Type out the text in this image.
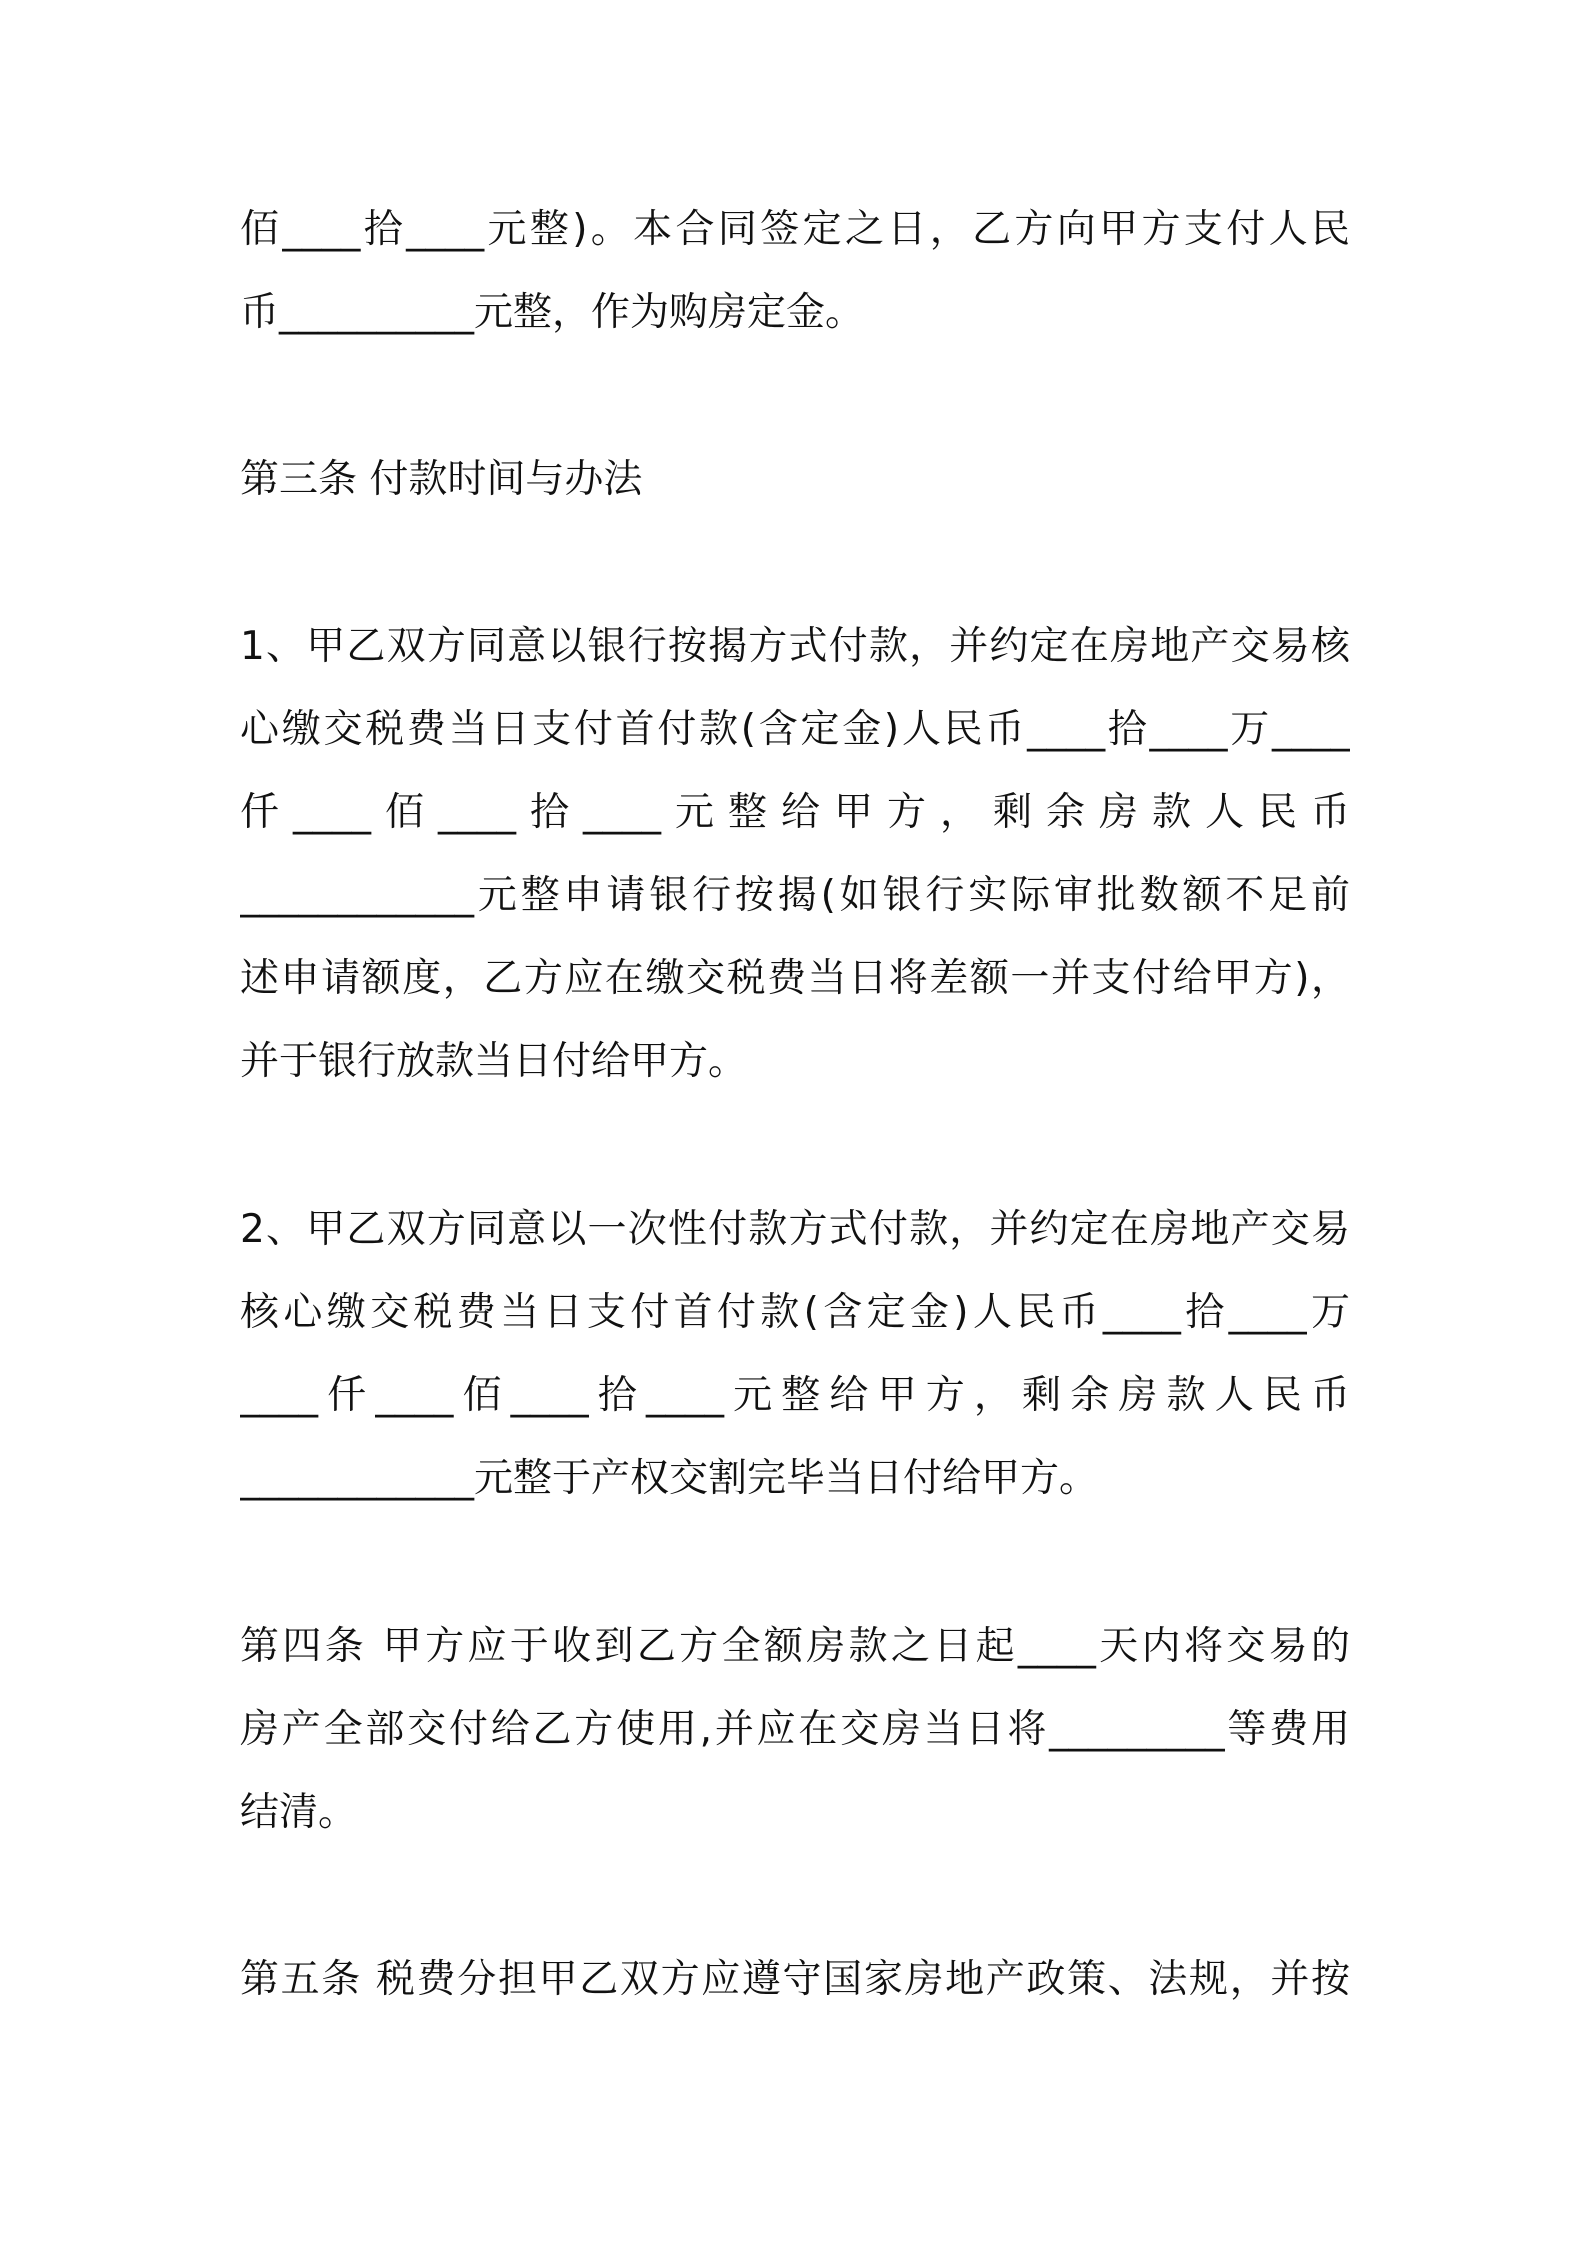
佰____拾____元整)。本合同签定之日，乙方向甲方支付人民
币__________元整，作为购房定金。
第三条 付款时间与办法
1、甲乙双方同意以银行按揭方式付款，并约定在房地产交易核
心缴交税费当日支付首付款(含定金)人民币____拾____万____
仟____佰____拾____元整给甲方，剩余房款人民币
____________元整申请银行按揭(如银行实际审批数额不足前
述申请额度，乙方应在缴交税费当日将差额一并支付给甲方)，
并于银行放款当日付给甲方。
2、甲乙双方同意以一次性付款方式付款，并约定在房地产交易
核心缴交税费当日支付首付款(含定金)人民币____拾____万
____仟____佰____拾____元整给甲方，剩余房款人民币
____________元整于产权交割完毕当日付给甲方。
第四条 甲方应于收到乙方全额房款之日起____天内将交易的
房产全部交付给乙方使用,并应在交房当日将_________等费用
结清。
第五条 税费分担甲乙双方应遵守国家房地产政策、法规，并按
